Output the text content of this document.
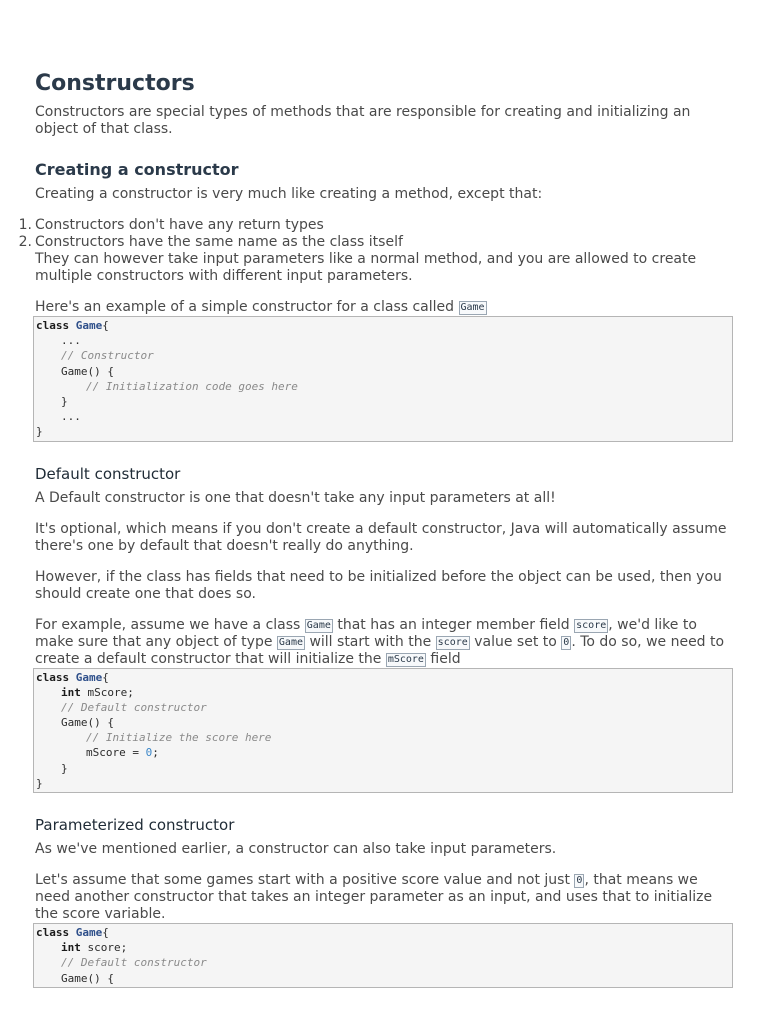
Constructors

Constructors are special types of methods that are responsible for creating and initializing an object of that class.

Creating a constructor

Creating a constructor is very much like creating a method, except that:

1. Constructors don't have any return types
2. Constructors have the same name as the class itself

They can however take input parameters like a normal method, and you are allowed to create multiple constructors with different input parameters.

Here's an example of a simple constructor for a class called Game

class Game{
...
// Constructor
Game() {
// Initialization code goes here
}
...
}
Default constructor

A Default constructor is one that doesn't take any input parameters at all!

It's optional, which means if you don't create a default constructor, Java will automatically assume there's one by default that doesn't really do anything.

However, if the class has fields that need to be initialized before the object can be used, then you should create one that does so.

For example, assume we have a class Game that has an integer member field score , we'd like to make sure that any object of type Game will start with the score value set to 0 . To do so, we need to create a default constructor that will initialize the mScore field

class Game{
int mScore;
// Default constructor
Game() {
// Initialize the score here
mScore = 0;
}
}
Parameterized constructor

As we've mentioned earlier, a constructor can also take input parameters.

Let's assume that some games start with a positive score value and not just 0 , that means we need another constructor that takes an integer parameter as an input, and uses that to initialize the score variable.

class Game{
int score;
// Default constructor
Game() {
